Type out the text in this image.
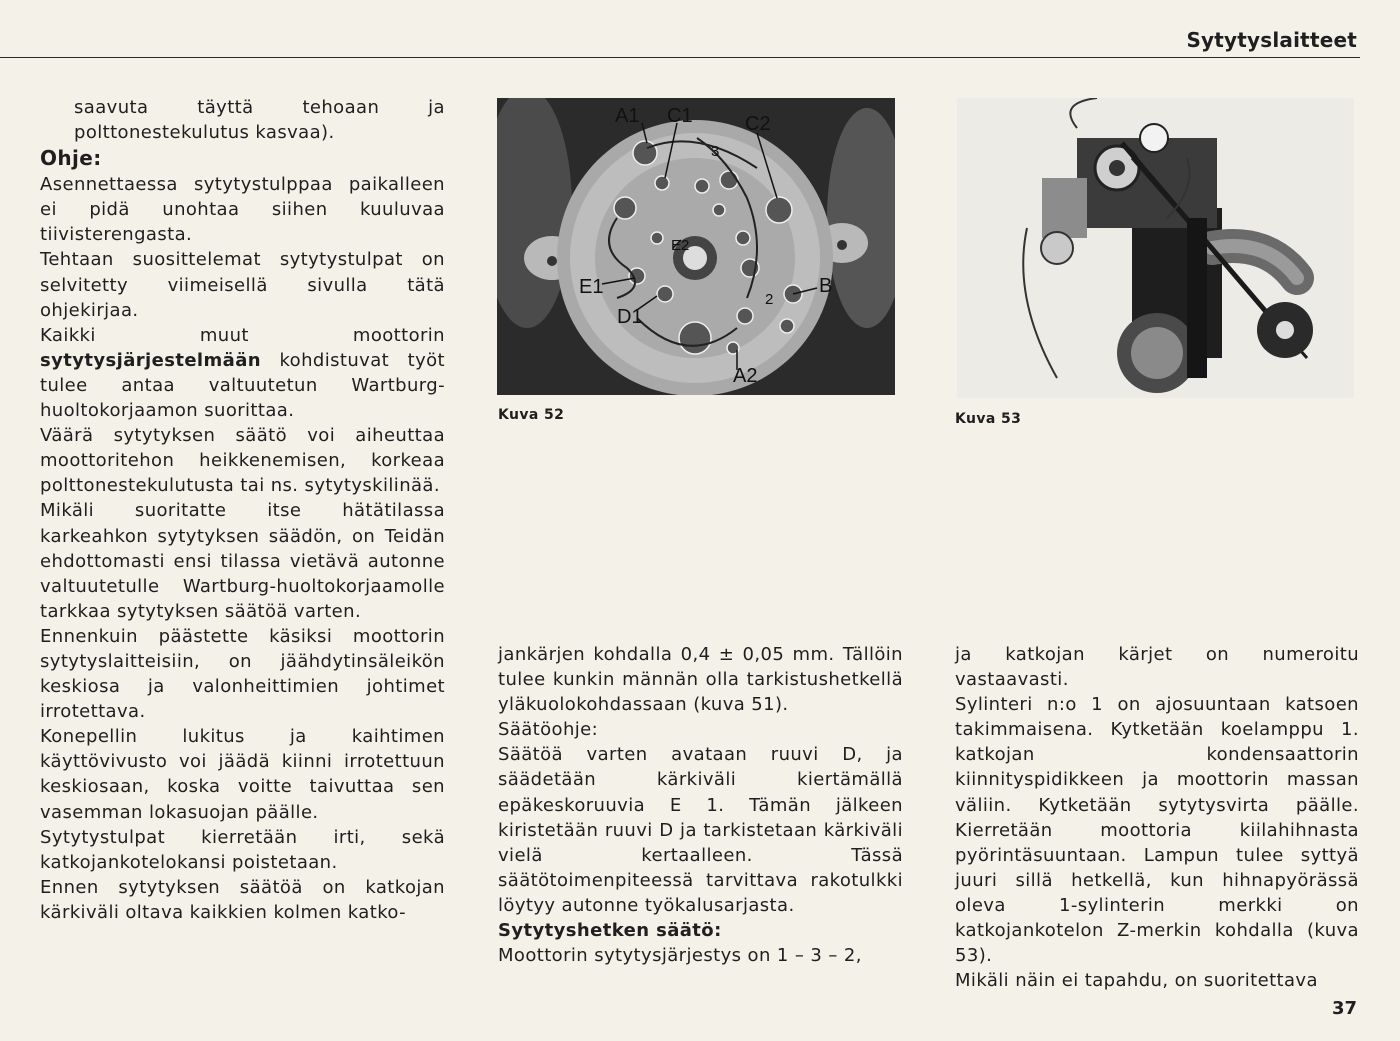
Sytytyslaitteet

saavuta täyttä tehoaan ja polttonestekulutus kasvaa).

Ohje:

Asennettaessa sytytystulppaa paikalleen ei pidä unohtaa siihen kuuluvaa tiivisterengasta.

Tehtaan suosittelemat sytytystulpat on selvitetty viimeisellä sivulla tätä ohjekirjaa.

Kaikki muut moottorin sytytysjärjestelmään kohdistuvat työt tulee antaa valtuutetun Wartburg-huoltokorjaamon suorittaa.

Väärä sytytyksen säätö voi aiheuttaa moottoritehon heikkenemisen, korkeaa polttonestekulutusta tai ns. sytytyskilinää.

Mikäli suoritatte itse hätätilassa karkeahkon sytytyksen säädön, on Teidän ehdottomasti ensi tilassa vietävä autonne valtuutetulle Wartburg-huoltokorjaamolle tarkkaa sytytyksen säätöä varten.

Ennenkuin päästette käsiksi moottorin sytytyslaitteisiin, on jäähdytinsäleikön keskiosa ja valonheittimien johtimet irrotettava.

Konepellin lukitus ja kaihtimen käyttövivusto voi jäädä kiinni irrotettuun keskiosaan, koska voitte taivuttaa sen vasemman lokasuojan päälle.

Sytytystulpat kierretään irti, sekä katkojankotelokansi poistetaan.

Ennen sytytyksen säätöä on katkojan kärkiväli oltava kaikkien kolmen katko-

A1 C1	C2
E1
E2
D1
A2
B
2
3
Kuva 52	Kuva 53

jankärjen kohdalla 0,4 ± 0,05 mm. Tällöin tulee kunkin männän olla tarkistushetkellä yläkuolokohdassaan (kuva 51).

Säätöohje:

Säätöä varten avataan ruuvi D, ja säädetään kärkiväli kiertämällä epäkeskoruuvia E 1. Tämän jälkeen kiristetään ruuvi D ja tarkistetaan kärkiväli vielä kertaalleen. Tässä säätötoimenpiteessä tarvittava rakotulkki löytyy autonne työkalusarjasta.

Sytytyshetken säätö:

Moottorin sytytysjärjestys on 1 – 3 – 2,

ja katkojan kärjet on numeroitu vastaavasti.

Sylinteri n:o 1 on ajosuuntaan katsoen takimmaisena. Kytketään koelamppu 1. katkojan kondensaattorin kiinnityspidikkeen ja moottorin massan väliin. Kytketään sytytysvirta päälle. Kierretään moottoria kiilahihnasta pyörintäsuuntaan. Lampun tulee syttyä juuri sillä hetkellä, kun hihnapyörässä oleva 1-sylinterin merkki on katkojankotelon Z-merkin kohdalla (kuva 53).

Mikäli näin ei tapahdu, on suoritettava

37
